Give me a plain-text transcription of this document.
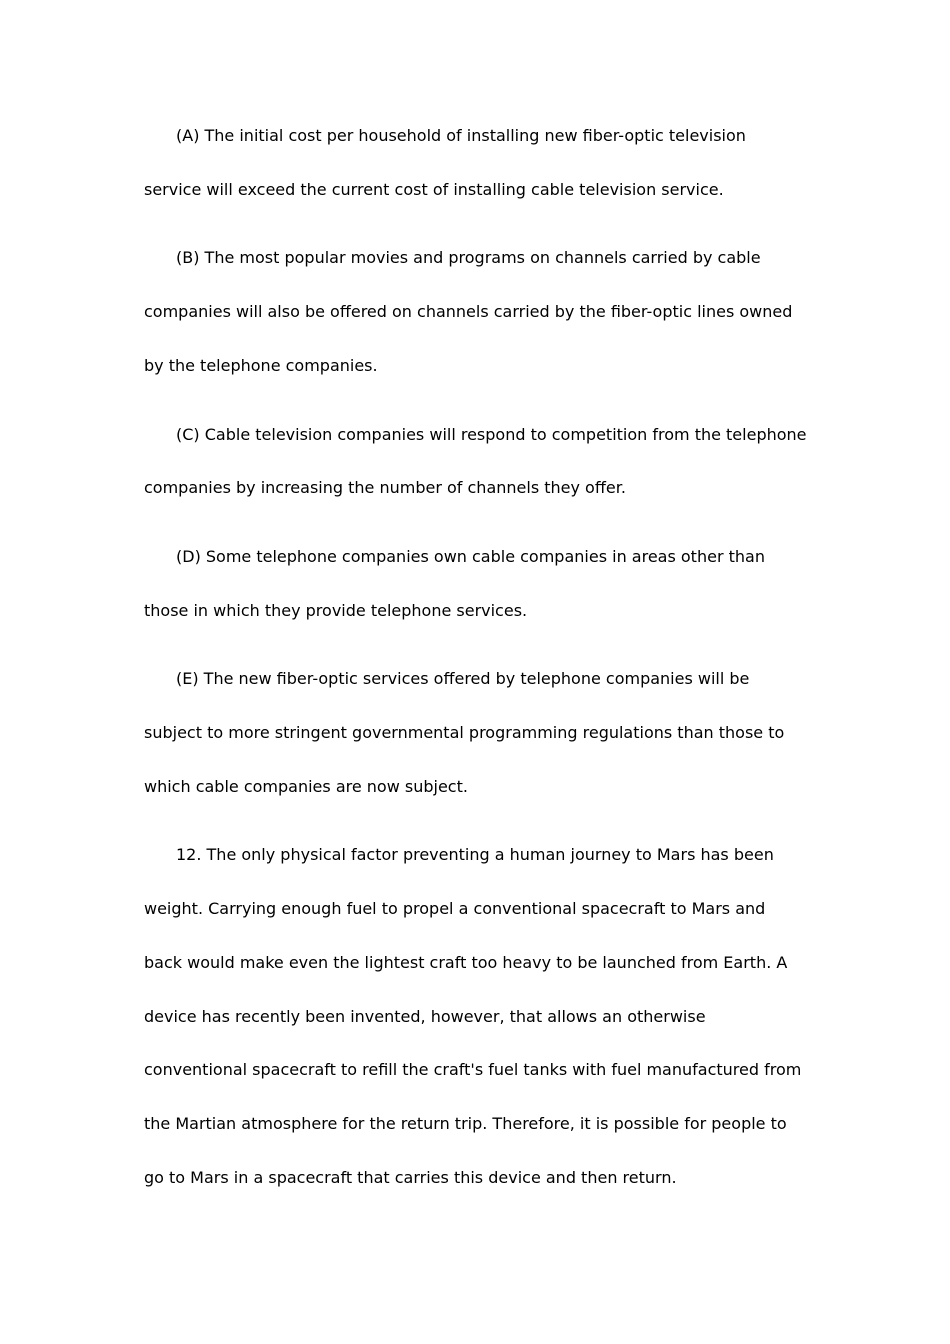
(A) The initial cost per household of installing new fiber-optic television
service will exceed the current cost of installing cable television service.

(B) The most popular movies and programs on channels carried by cable
companies will also be offered on channels carried by the fiber-optic lines owned
by the telephone companies.

(C) Cable television companies will respond to competition from the telephone
companies by increasing the number of channels they offer.

(D) Some telephone companies own cable companies in areas other than
those in which they provide telephone services.

(E) The new fiber-optic services offered by telephone companies will be
subject to more stringent governmental programming regulations than those to
which cable companies are now subject.

12. The only physical factor preventing a human journey to Mars has been
weight. Carrying enough fuel to propel a conventional spacecraft to Mars and
back would make even the lightest craft too heavy to be launched from Earth. A
device has recently been invented, however, that allows an otherwise
conventional spacecraft to refill the craft's fuel tanks with fuel manufactured from
the Martian atmosphere for the return trip. Therefore, it is possible for people to
go to Mars in a spacecraft that carries this device and then return.
